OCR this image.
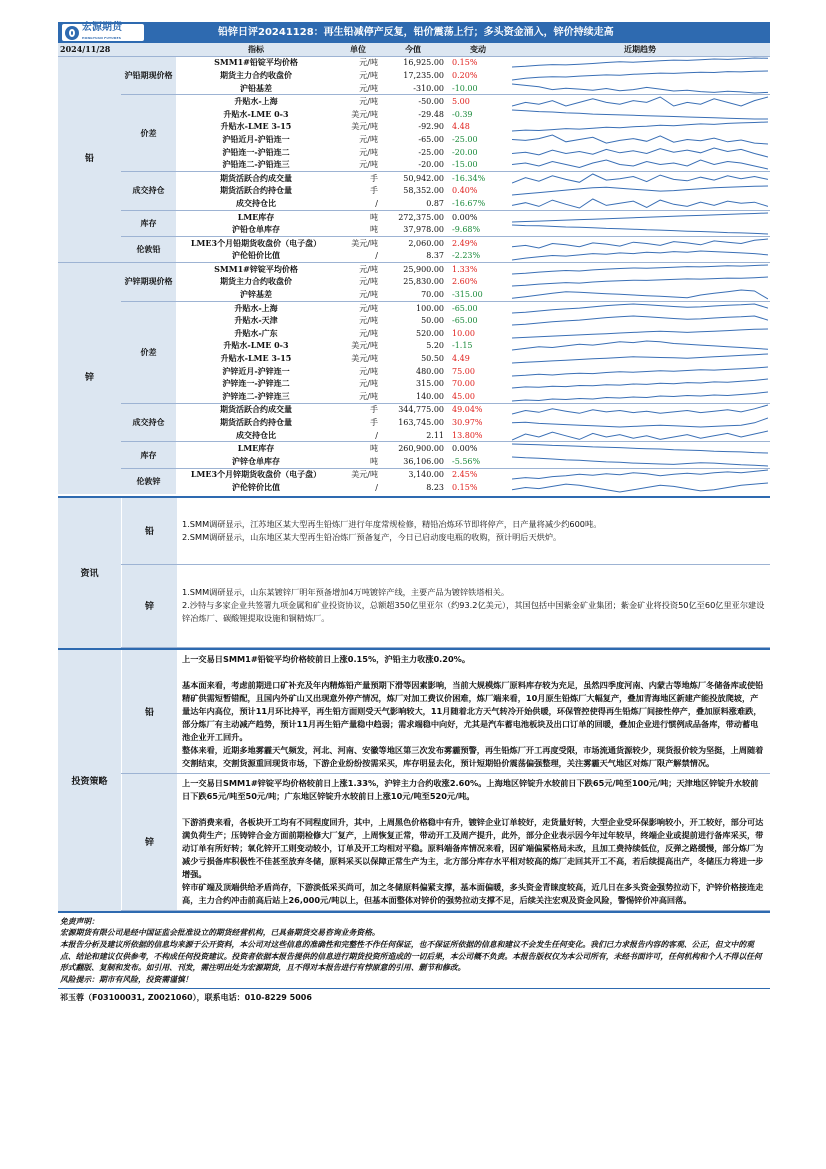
宏源期货
HONGYUAN FUTURES	铅锌日评20241128：再生铅减停产反复，铅价震荡上行；多头资金涌入，锌价持续走高
2024/11/28		指标	单位	今值	变动	近期趋势
铅	沪铅期现价格	SMM1#铅锭平均价格	元/吨	16,925.00	0.15%	

		期货主力合约收盘价	元/吨	17,235.00	0.20%	

		沪铅基差	元/吨	-310.00	-10.00	

	价差	升贴水-上海	元/吨	-50.00	5.00	

		升贴水-LME 0-3	美元/吨	-29.48	-0.39	

		升贴水-LME 3-15	美元/吨	-92.90	4.48	

		沪铅近月-沪铅连一	元/吨	-65.00	-25.00	

		沪铅连一-沪铅连二	元/吨	-25.00	-20.00	

		沪铅连二-沪铅连三	元/吨	-20.00	-15.00	

	成交持仓	期货活跃合约成交量	手	50,942.00	-16.34%	

		期货活跃合约持仓量	手	58,352.00	0.40%	

		成交持仓比	/	0.87	-16.67%	

	库存	LME库存	吨	272,375.00	0.00%	

		沪铅仓单库存	吨	37,978.00	-9.68%	

	伦敦铅	LME3个月铅期货收盘价（电子盘）	美元/吨	2,060.00	2.49%	

		沪伦铅价比值	/	8.37	-2.23%	

锌	沪锌期现价格	SMM1#锌锭平均价格	元/吨	25,900.00	1.33%	

		期货主力合约收盘价	元/吨	25,830.00	2.60%	

		沪锌基差	元/吨	70.00	-315.00	

	价差	升贴水-上海	元/吨	100.00	-65.00	

		升贴水-天津	元/吨	50.00	-65.00	

		升贴水-广东	元/吨	520.00	10.00	

		升贴水-LME 0-3	美元/吨	5.20	-1.15	

		升贴水-LME 3-15	美元/吨	50.50	4.49	

		沪锌近月-沪锌连一	元/吨	480.00	75.00	

		沪锌连一-沪锌连二	元/吨	315.00	70.00	

		沪锌连二-沪锌连三	元/吨	140.00	45.00	

	成交持仓	期货活跃合约成交量	手	344,775.00	49.04%	

		期货活跃合约持仓量	手	163,745.00	30.97%	

		成交持仓比	/	2.11	13.80%	

	库存	LME库存	吨	260,900.00	0.00%	

		沪锌仓单库存	吨	36,106.00	-5.56%	

	伦敦锌	LME3个月锌期货收盘价（电子盘）	美元/吨	3,140.00	2.45%	

		沪伦锌价比值	/	8.23	0.15%	
资讯
铅

1.SMM调研显示，江苏地区某大型再生铅炼厂进行年度常规检修，精铅冶炼环节即将停产，日产量将减少约600吨。

2.SMM调研显示，山东地区某大型再生铅冶炼厂预备复产，今日已启动废电瓶的收购，预计明后天烘炉。

锌

1.SMM调研显示，山东某镀锌厂明年预备增加4万吨镀锌产线，主要产品为镀锌铁塔相关。

2.沙特与多家企业共签署九项金属和矿业投资协议，总额超350亿里亚尔（约93.2亿美元），其国包括中国紫金矿业集团；紫金矿业将投资50亿至60亿里亚尔建设锌冶炼厂、碳酸锂提取设施和铜精炼厂。

投资策略
铅

上一交易日SMM1#铅锭平均价格较前日上涨0.15%，沪铅主力收涨0.20%。

基本面来看，考虑前期进口矿补充及年内精炼铅产量预期下滑等因素影响，当前大规模炼厂原料库存较为充足，虽然四季度河南、内蒙古等地炼厂冬储备库或使铅精矿供需短暂错配，且国内外矿山又出现意外停产情况，炼厂对加工费议价困难，炼厂端来看，10月原生铅炼厂大幅复产，叠加青海地区新建产能投放爬坡，产量达年内高位，预计11月环比持平，再生铅方面则受天气影响较大，11月随着北方天气转冷开始供暖，环保管控使得再生铅炼厂间接性停产，叠加原料涨难跌，部分炼厂有主动减产趋势，预计11月再生铅产量稳中趋弱；需求端稳中向好，尤其是汽车蓄电池板块及出口订单的回暖，叠加企业进行惯例成品备库，带动蓄电池企业开工回升。

整体来看，近期多地雾霾天气频发，河北、河南、安徽等地区第三次发布雾霾预警，再生铅炼厂开工再度受限，市场流通货源较少，现货报价较为坚挺，上周随着交割结束，交割货源重回现货市场，下游企业纷纷按需采买，库存明显去化，预计短期铅价震荡偏强整理，关注雾霾天气地区对炼厂限产解禁情况。

锌

上一交易日SMM1#锌锭平均价格较前日上涨1.33%，沪锌主力合约收涨2.60%。上海地区锌锭升水较前日下跌65元/吨至100元/吨；天津地区锌锭升水较前日下跌65元/吨至50元/吨；广东地区锌锭升水较前日上涨10元/吨至520元/吨。

下游消费来看，各板块开工均有不同程度回升，其中，上周黑色价格稳中有升，镀锌企业订单较好，走货量好转，大型企业受环保影响较小，开工较好，部分可达满负荷生产；压铸锌合金方面前期检修大厂复产，上周恢复正常，带动开工及周产提升，此外，部分企业表示因今年过年较早，终端企业或提前进行备库采买，带动订单有所好转；氧化锌开工则变动较小，订单及开工均相对平稳。原料端备库情况来看，因矿端偏紧格局未改，且加工费持续低位，反弹之路缓慢，部分炼厂为减少亏损备库积极性不佳甚至放弃冬储，原料采买以保障正常生产为主，北方部分库存水平相对较高的炼厂走回其开工不高，若后续提高出产，冬储压力将进一步增强。

锌市矿端及顶端供给矛盾尚存，下游淡低采买尚可，加之冬储原料偏紧支撑，基本面偏暖，多头资金青睐度较高，近几日在多头资金强势拉动下，沪锌价格接连走高，主力合约冲击前高后站上26,000元/吨以上，但基本面整体对锌价的强势拉动支撑不足，后续关注宏观及资金风险，警惕锌价冲高回落。

免责声明：

宏源期货有限公司是经中国证监会批准设立的期货经营机构，已具备期货交易咨询业务资格。

本报告分析及建议所依据的信息均来源于公开资料，本公司对这些信息的准确性和完整性不作任何保证，也不保证所依据的信息和建议不会发生任何变化。我们已力求报告内容的客观、公正，但文中的观点、结论和建议仅供参考，不构成任何投资建议。投资者依据本报告提供的信息进行期货投资所造成的一切后果，本公司概不负责。本报告版权仅为本公司所有，未经书面许可，任何机构和个人不得以任何形式翻版、复制和发布。如引用、刊发，需注明出处为宏源期货，且不得对本报告进行有悖原意的引用、删节和修改。

风险提示：期市有风险，投资需谨慎！

祁玉蓉（F03100031, Z0021060），联系电话：010-8229 5006
